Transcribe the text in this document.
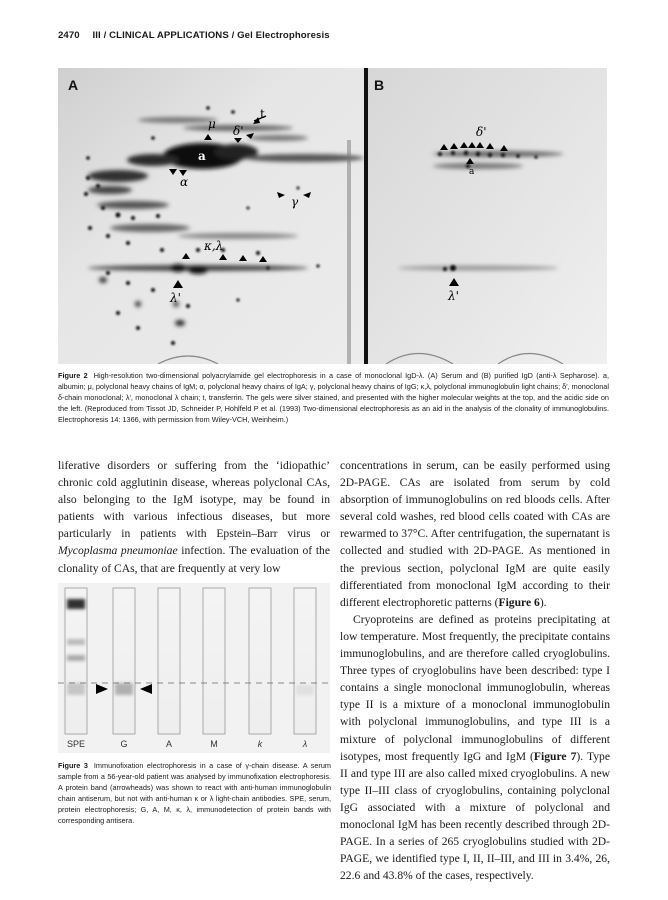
2470 III / CLINICAL APPLICATIONS / Gel Electrophoresis
A
μ
t
δ'
a
α
γ
κ,λ
λ'
B
δ'
a
λ'
Figure 2 High-resolution two-dimensional polyacrylamide gel electrophoresis in a case of monoclonal IgD-λ. (A) Serum and (B) purified IgD (anti-λ Sepharose). a, albumin; μ, polyclonal heavy chains of IgM; α, polyclonal heavy chains of IgA; γ, polyclonal heavy chains of IgG; κ,λ, polyclonal immunoglobulin light chains; δ', monoclonal δ-chain monoclonal; λ', monoclonal λ chain; t, transferrin. The gels were silver stained, and presented with the higher molecular weights at the top, and the acidic side on the left. (Reproduced from Tissot JD, Schneider P, Hohlfeld P et al. (1993) Two-dimensional electrophoresis as an aid in the analysis of the clonality of immunoglobulins. Electrophoresis 14: 1366, with permission from Wiley-VCH, Weinheim.)

liferative disorders or suffering from the ‘idiopathic’ chronic cold agglutinin disease, whereas polyclonal CAs, also belonging to the IgM isotype, may be found in patients with various infectious diseases, but more particularly in patients with Epstein–Barr virus or Mycoplasma pneumoniae infection. The evaluation of the clonality of CAs, that are frequently at very low

SPE	G	A	M	k	λ
Figure 3 Immunofixation electrophoresis in a case of γ-chain disease. A serum sample from a 56-year-old patient was analysed by immunofixation electrophoresis. A protein band (arrowheads) was shown to react with anti-human immunoglobulin chain antiserum, but not with anti-human κ or λ light-chain antibodies. SPE, serum, protein electrophoresis; G, A, M, κ, λ, immunodetection of protein bands with corresponding antisera.

concentrations in serum, can be easily performed using 2D-PAGE. CAs are isolated from serum by cold absorption of immunoglobulins on red bloods cells. After several cold washes, red blood cells coated with CAs are rewarmed to 37°C. After centrifugation, the supernatant is collected and studied with 2D-PAGE. As mentioned in the previous section, polyclonal IgM are quite easily differentiated from monoclonal IgM according to their different electrophoretic patterns (Figure 6).

Cryoproteins are defined as proteins precipitating at low temperature. Most frequently, the precipitate contains immunoglobulins, and are therefore called cryoglobulins. Three types of cryoglobulins have been described: type I contains a single monoclonal immunoglobulin, whereas type II is a mixture of a monoclonal immunoglobulin with polyclonal immunoglobulins, and type III is a mixture of polyclonal immunoglobulins of different isotypes, most frequently IgG and IgM (Figure 7). Type II and type III are also called mixed cryoglobulins. A new type II–III class of cryoglobulins, containing polyclonal IgG associated with a mixture of polyclonal and monoclonal IgM has been recently described through 2D-PAGE. In a series of 265 cryoglobulins studied with 2D-PAGE, we identified type I, II, II–III, and III in 3.4%, 26, 22.6 and 43.8% of the cases, respectively.
